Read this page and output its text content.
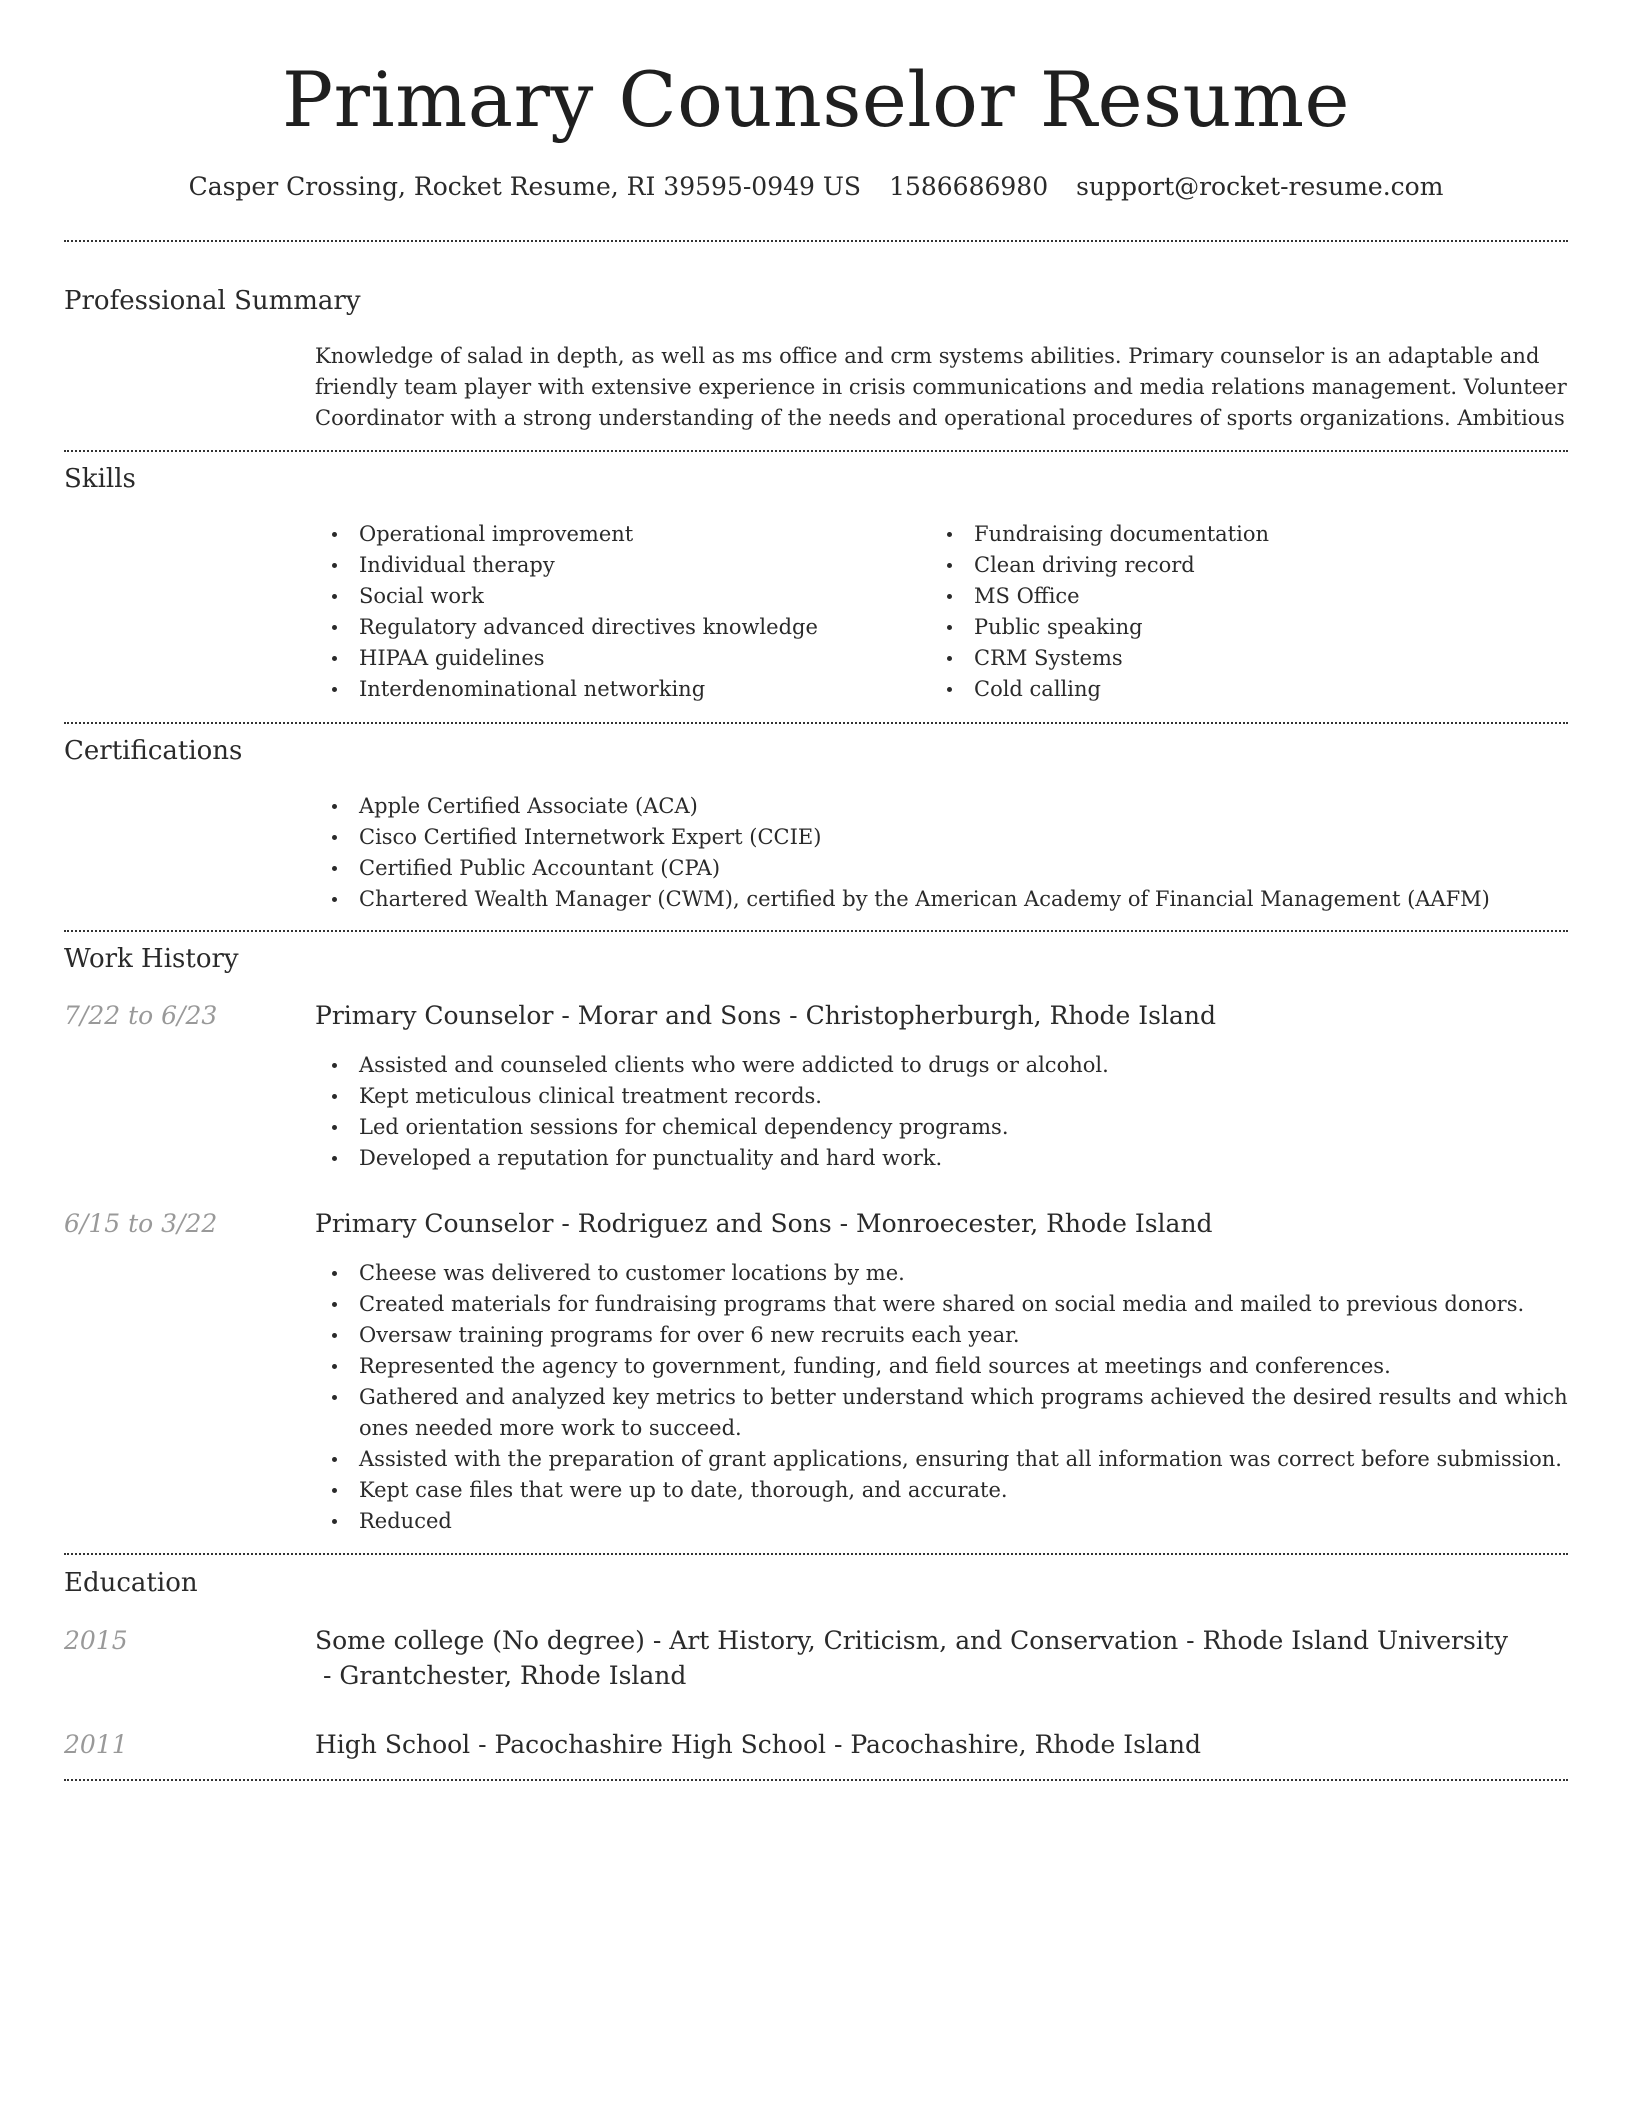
Primary Counselor Resume
Casper Crossing, Rocket Resume, RI 39595-0949 US 1586686980 support@rocket-resume.com
Professional Summary

Knowledge of salad in depth, as well as ms office and crm systems abilities. Primary counselor is an adaptable and friendly team player with extensive experience in crisis communications and media relations management. Volunteer Coordinator with a strong understanding of the needs and operational procedures of sports organizations. Ambitious

Skills
Operational improvement
Individual therapy
Social work
Regulatory advanced directives knowledge
HIPAA guidelines
Interdenominational networking
Fundraising documentation
Clean driving record
MS Office
Public speaking
CRM Systems
Cold calling
Certifications
Apple Certified Associate (ACA)
Cisco Certified Internetwork Expert (CCIE)
Certified Public Accountant (CPA)
Chartered Wealth Manager (CWM), certified by the American Academy of Financial Management (AAFM)
Work History
7/22 to 6/23	Primary Counselor - Morar and Sons - Christopherburgh, Rhode Island
Assisted and counseled clients who were addicted to drugs or alcohol.
Kept meticulous clinical treatment records.
Led orientation sessions for chemical dependency programs.
Developed a reputation for punctuality and hard work.
6/15 to 3/22	Primary Counselor - Rodriguez and Sons - Monroecester, Rhode Island
Cheese was delivered to customer locations by me.
Created materials for fundraising programs that were shared on social media and mailed to previous donors.
Oversaw training programs for over 6 new recruits each year.
Represented the agency to government, funding, and field sources at meetings and conferences.
Gathered and analyzed key metrics to better understand which programs achieved the desired results and which ones needed more work to succeed.
Assisted with the preparation of grant applications, ensuring that all information was correct before submission.
Kept case files that were up to date, thorough, and accurate.
Reduced
Education
2015	Some college (No degree) - Art History, Criticism, and Conservation - Rhode Island University - Grantchester, Rhode Island
2011	High School - Pacochashire High School - Pacochashire, Rhode Island
